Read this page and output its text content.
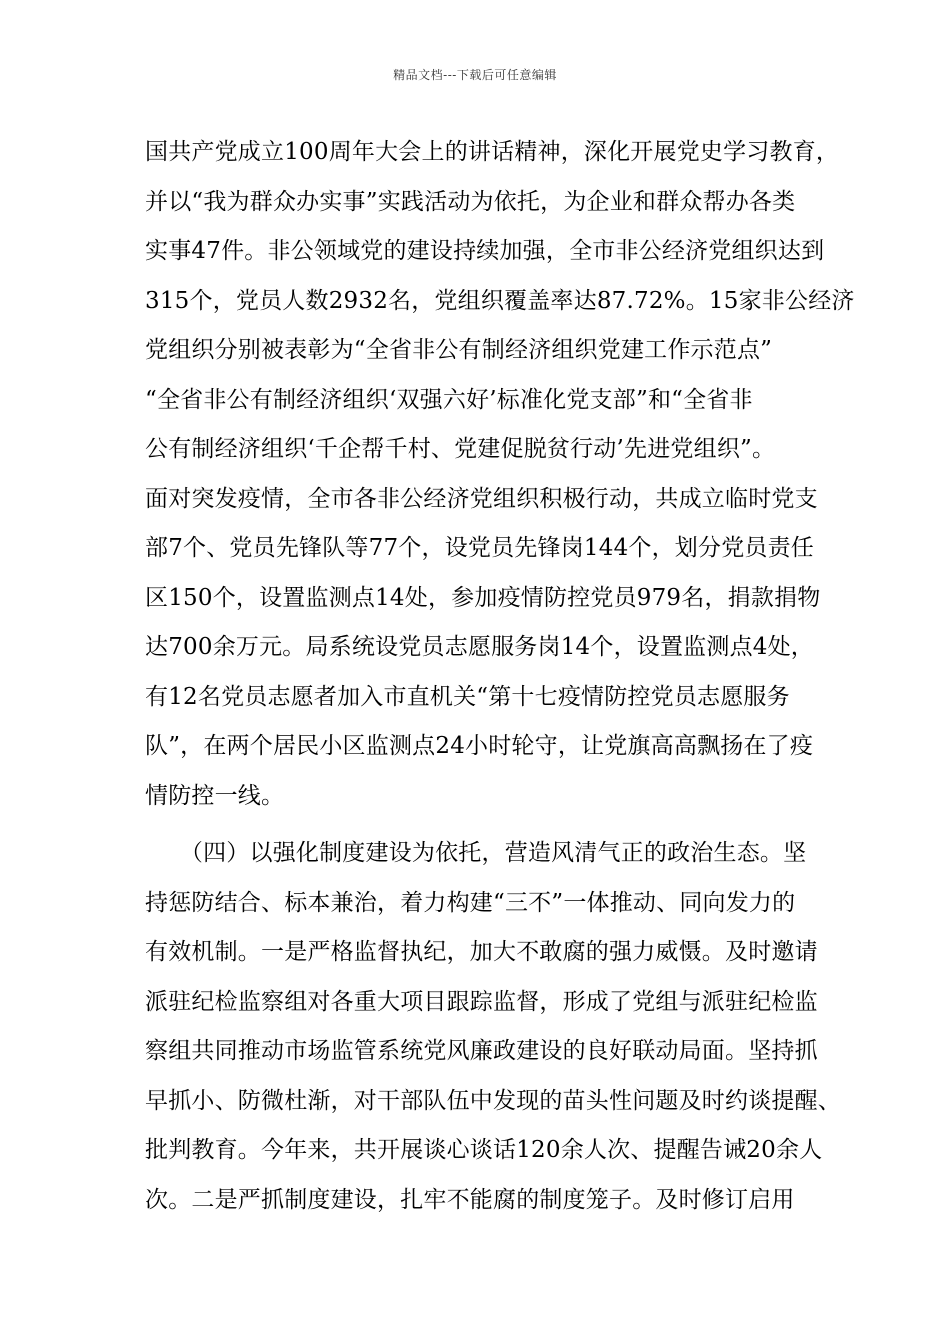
精品文档---下载后可任意编辑
国共产党成立100周年大会上的讲话精神，深化开展党史学习教育，
并以“我为群众办实事”实践活动为依托，为企业和群众帮办各类
实事47件。非公领域党的建设持续加强，全市非公经济党组织达到
315个，党员人数2932名，党组织覆盖率达87.72%。15家非公经济
党组织分别被表彰为“全省非公有制经济组织党建工作示范点”
“全省非公有制经济组织‘双强六好’标准化党支部”和“全省非
公有制经济组织‘千企帮千村、党建促脱贫行动’先进党组织”。
面对突发疫情，全市各非公经济党组织积极行动，共成立临时党支
部7个、党员先锋队等77个，设党员先锋岗144个，划分党员责任
区150个，设置监测点14处，参加疫情防控党员979名，捐款捐物
达700余万元。局系统设党员志愿服务岗14个，设置监测点4处，
有12名党员志愿者加入市直机关“第十七疫情防控党员志愿服务
队”，在两个居民小区监测点24小时轮守，让党旗高高飘扬在了疫
情防控一线。
　　（四）以强化制度建设为依托，营造风清气正的政治生态。坚
持惩防结合、标本兼治，着力构建“三不”一体推动、同向发力的
有效机制。一是严格监督执纪，加大不敢腐的强力威慑。及时邀请
派驻纪检监察组对各重大项目跟踪监督，形成了党组与派驻纪检监
察组共同推动市场监管系统党风廉政建设的良好联动局面。坚持抓
早抓小、防微杜渐，对干部队伍中发现的苗头性问题及时约谈提醒、
批判教育。今年来，共开展谈心谈话120余人次、提醒告诫20余人
次。二是严抓制度建设，扎牢不能腐的制度笼子。及时修订启用
